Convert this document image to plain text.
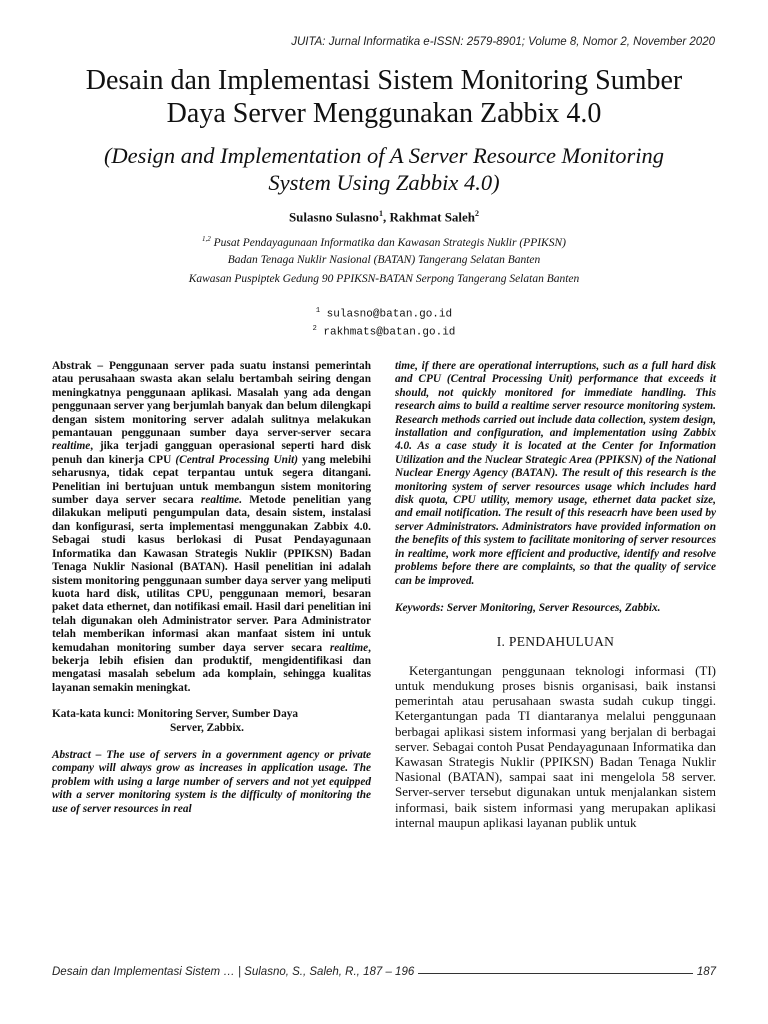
JUITA: Jurnal Informatika e-ISSN: 2579-8901; Volume 8, Nomor 2, November 2020
Desain dan Implementasi Sistem Monitoring Sumber
Daya Server Menggunakan Zabbix 4.0
(Design and Implementation of A Server Resource Monitoring
System Using Zabbix 4.0)
Sulasno Sulasno$^1$, Rakhmat Saleh$^2$
$^{1,2}$ Pusat Pendayagunaan Informatika dan Kawasan Strategis Nuklir (PPIKSN)
Badan Tenaga Nuklir Nasional (BATAN) Tangerang Selatan Banten
Kawasan Puspiptek Gedung 90 PPIKSN-BATAN Serpong Tangerang Selatan Banten
$^1$ sulasno@batan.go.id
$^2$ rakhmats@batan.go.id
Abstrak – Penggunaan server pada suatu instansi pemerintah atau perusahaan swasta akan selalu bertambah seiring dengan meningkatnya penggunaan aplikasi. Masalah yang ada dengan penggunaan server yang berjumlah banyak dan belum dilengkapi dengan sistem monitoring server adalah sulitnya melakukan pemantauan penggunaan sumber daya server-server secara realtime, jika terjadi gangguan operasional seperti hard disk penuh dan kinerja CPU (Central Processing Unit) yang melebihi seharusnya, tidak cepat terpantau untuk segera ditangani. Penelitian ini bertujuan untuk membangun sistem monitoring sumber daya server secara realtime. Metode penelitian yang dilakukan meliputi pengumpulan data, desain sistem, instalasi dan konfigurasi, serta implementasi menggunakan Zabbix 4.0. Sebagai studi kasus berlokasi di Pusat Pendayagunaan Informatika dan Kawasan Strategis Nuklir (PPIKSN) Badan Tenaga Nuklir Nasional (BATAN). Hasil penelitian ini adalah sistem monitoring penggunaan sumber daya server yang meliputi kuota hard disk, utilitas CPU, penggunaan memori, besaran paket data ethernet, dan notifikasi email. Hasil dari penelitian ini telah digunakan oleh Administrator server. Para Administrator telah memberikan informasi akan manfaat sistem ini untuk kemudahan monitoring sumber daya server secara realtime, bekerja lebih efisien dan produktif, mengidentifikasi dan mengatasi masalah sebelum ada komplain, sehingga kualitas layanan semakin meningkat.
Kata-kata kunci: Monitoring Server, Sumber Daya
Server, Zabbix.
Abstract – The use of servers in a government agency or private company will always grow as increases in application usage. The problem with using a large number of servers and not yet equipped with a server monitoring system is the difficulty of monitoring the use of server resources in real
time, if there are operational interruptions, such as a full hard disk and CPU (Central Processing Unit) performance that exceeds it should, not quickly monitored for immediate handling. This research aims to build a realtime server resource monitoring system. Research methods carried out include data collection, system design, installation and configuration, and implementation using Zabbix 4.0. As a case study it is located at the Center for Information Utilization and the Nuclear Strategic Area (PPIKSN) of the National Nuclear Energy Agency (BATAN). The result of this research is the monitoring system of server resources usage which includes hard disk quota, CPU utility, memory usage, ethernet data packet size, and email notification. The result of this reseacrh have been used by server Administrators. Administrators have provided information on the benefits of this system to facilitate monitoring of server resources in realtime, work more efficient and productive, identify and resolve problems before there are complaints, so that the quality of service can be improved.
Keywords: Server Monitoring, Server Resources, Zabbix.
I. PENDAHULUAN
Ketergantungan penggunaan teknologi informasi (TI) untuk mendukung proses bisnis organisasi, baik instansi pemerintah atau perusahaan swasta sudah cukup tinggi. Ketergantungan pada TI diantaranya melalui penggunaan berbagai aplikasi sistem informasi yang berjalan di berbagai server. Sebagai contoh Pusat Pendayagunaan Informatika dan Kawasan Strategis Nuklir (PPIKSN) Badan Tenaga Nuklir Nasional (BATAN), sampai saat ini mengelola 58 server. Server-server tersebut digunakan untuk menjalankan sistem informasi, baik sistem informasi yang merupakan aplikasi internal maupun aplikasi layanan publik untuk
Desain dan Implementasi Sistem … | Sulasno, S., Saleh, R., 187 – 196	187
